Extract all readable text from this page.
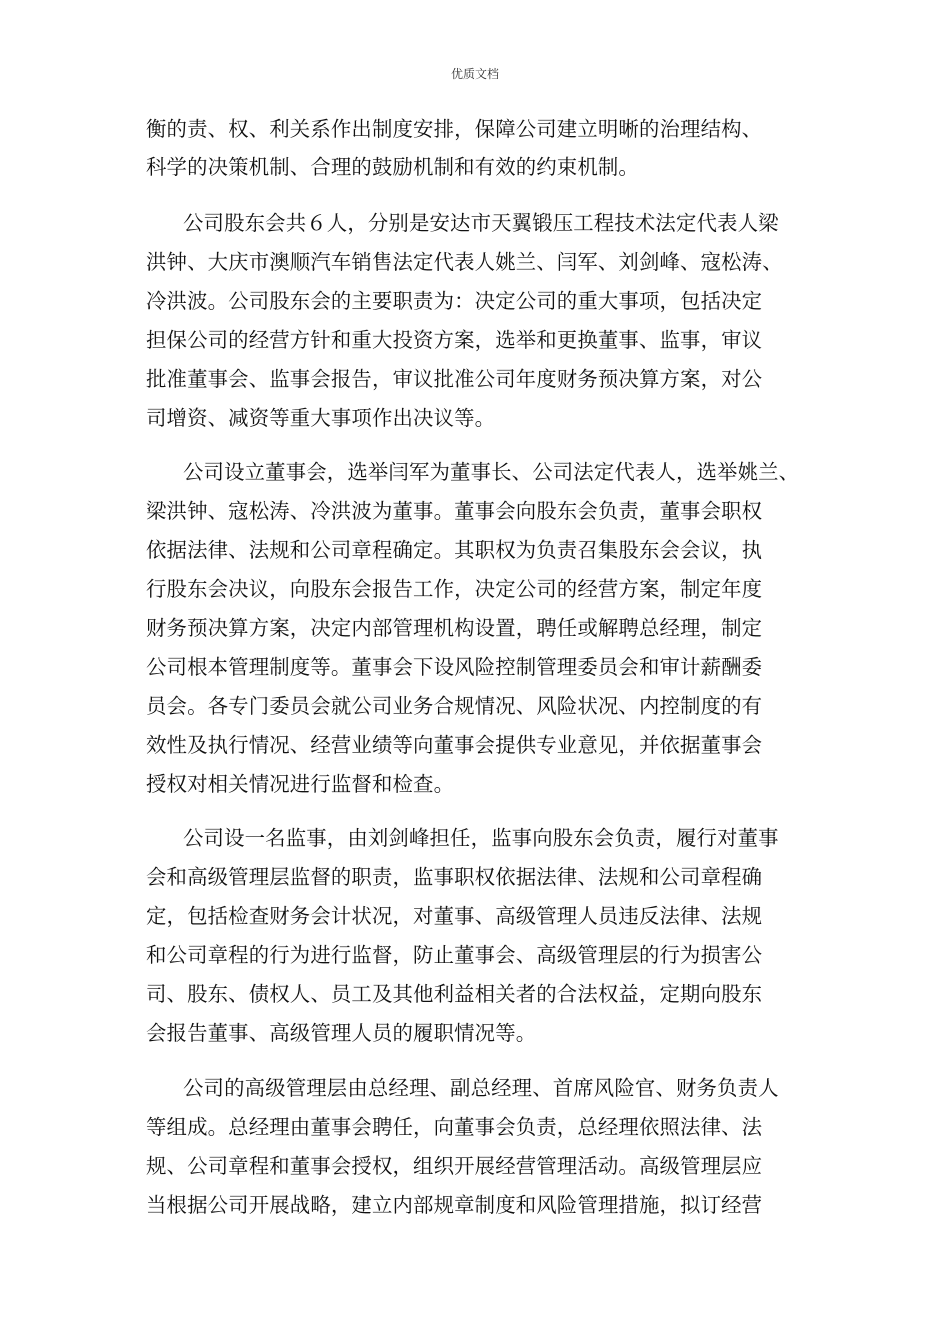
优质文档

衡的责、权、利关系作出制度安排，保障公司建立明晰的治理结构、

科学的决策机制、合理的鼓励机制和有效的约束机制。

公司股东会共６人，分别是安达市天翼锻压工程技术法定代表人梁

洪钟、大庆市澳顺汽车销售法定代表人姚兰、闫军、刘剑峰、寇松涛、

冷洪波。公司股东会的主要职责为：决定公司的重大事项，包括决定

担保公司的经营方针和重大投资方案，选举和更换董事、监事，审议

批准董事会、监事会报告，审议批准公司年度财务预决算方案，对公

司增资、减资等重大事项作出决议等。

公司设立董事会，选举闫军为董事长、公司法定代表人，选举姚兰、

梁洪钟、寇松涛、冷洪波为董事。董事会向股东会负责，董事会职权

依据法律、法规和公司章程确定。其职权为负责召集股东会会议，执

行股东会决议，向股东会报告工作，决定公司的经营方案，制定年度

财务预决算方案，决定内部管理机构设置，聘任或解聘总经理，制定

公司根本管理制度等。董事会下设风险控制管理委员会和审计薪酬委

员会。各专门委员会就公司业务合规情况、风险状况、内控制度的有

效性及执行情况、经营业绩等向董事会提供专业意见，并依据董事会

授权对相关情况进行监督和检查。

公司设一名监事，由刘剑峰担任，监事向股东会负责，履行对董事

会和高级管理层监督的职责，监事职权依据法律、法规和公司章程确

定，包括检查财务会计状况，对董事、高级管理人员违反法律、法规

和公司章程的行为进行监督，防止董事会、高级管理层的行为损害公

司、股东、债权人、员工及其他利益相关者的合法权益，定期向股东

会报告董事、高级管理人员的履职情况等。

公司的高级管理层由总经理、副总经理、首席风险官、财务负责人

等组成。总经理由董事会聘任，向董事会负责，总经理依照法律、法

规、公司章程和董事会授权，组织开展经营管理活动。高级管理层应

当根据公司开展战略，建立内部规章制度和风险管理措施，拟订经营
